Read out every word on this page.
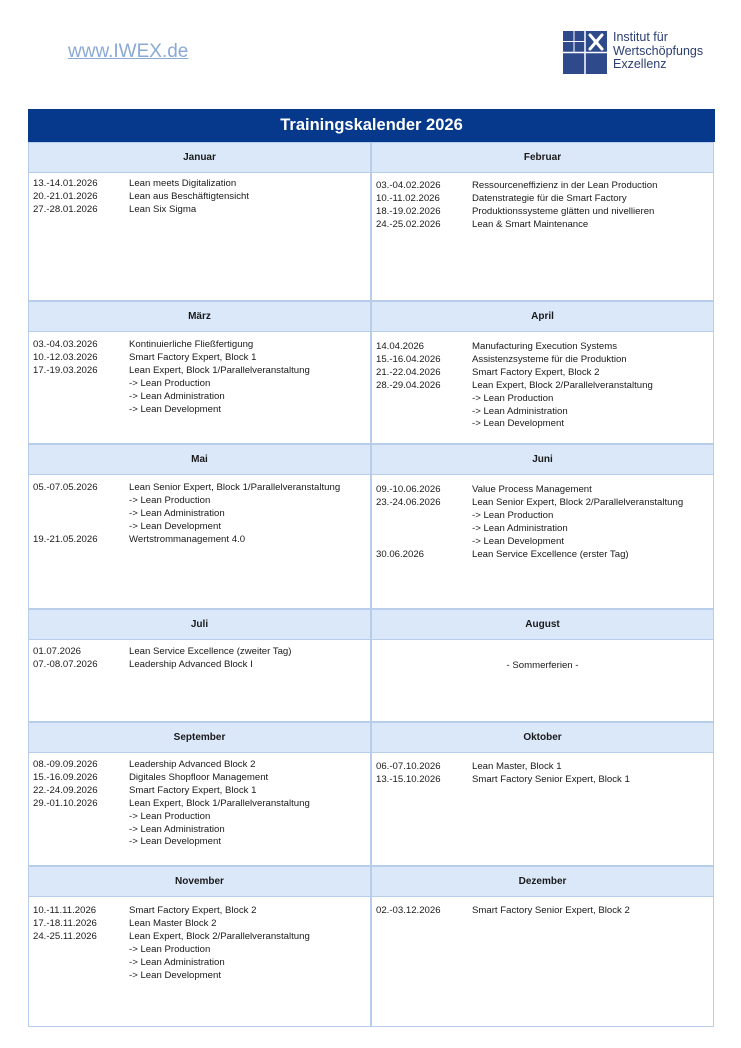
www.IWEX.de
Institut für
Wertschöpfungs
Exzellenz
Trainingskalender 2026
Januar
13.-14.01.2026	Lean meets Digitalization
20.-21.01.2026	Lean aus Beschäftigtensicht
27.-28.01.2026	Lean Six Sigma
Februar
03.-04.02.2026	Ressourceneffizienz in der Lean Production
10.-11.02.2026	Datenstrategie für die Smart Factory
18.-19.02.2026	Produktionssysteme glätten und nivellieren
24.-25.02.2026	Lean & Smart Maintenance
März
03.-04.03.2026	Kontinuierliche Fließfertigung
10.-12.03.2026	Smart Factory Expert, Block 1
17.-19.03.2026	Lean Expert, Block 1/Parallelveranstaltung
-> Lean Production
-> Lean Administration
-> Lean Development
April
14.04.2026	Manufacturing Execution Systems
15.-16.04.2026	Assistenzsysteme für die Produktion
21.-22.04.2026	Smart Factory Expert, Block 2
28.-29.04.2026	Lean Expert, Block 2/Parallelveranstaltung
-> Lean Production
-> Lean Administration
-> Lean Development
Mai
05.-07.05.2026	Lean Senior Expert, Block 1/Parallelveranstaltung
-> Lean Production
-> Lean Administration
-> Lean Development
19.-21.05.2026	Wertstrommanagement 4.0
Juni
09.-10.06.2026	Value Process Management
23.-24.06.2026	Lean Senior Expert, Block 2/Parallelveranstaltung
-> Lean Production
-> Lean Administration
-> Lean Development
30.06.2026	Lean Service Excellence (erster Tag)
Juli
01.07.2026	Lean Service Excellence (zweiter Tag)
07.-08.07.2026	Leadership Advanced Block I
August
- Sommerferien -
September
08.-09.09.2026	Leadership Advanced Block 2
15.-16.09.2026	Digitales Shopfloor Management
22.-24.09.2026	Smart Factory Expert, Block 1
29.-01.10.2026	Lean Expert, Block 1/Parallelveranstaltung
-> Lean Production
-> Lean Administration
-> Lean Development
Oktober
06.-07.10.2026	Lean Master, Block 1
13.-15.10.2026	Smart Factory Senior Expert, Block 1
November
10.-11.11.2026	Smart Factory Expert, Block 2
17.-18.11.2026	Lean Master Block 2
24.-25.11.2026	Lean Expert, Block 2/Parallelveranstaltung
-> Lean Production
-> Lean Administration
-> Lean Development
Dezember
02.-03.12.2026	Smart Factory Senior Expert, Block 2
